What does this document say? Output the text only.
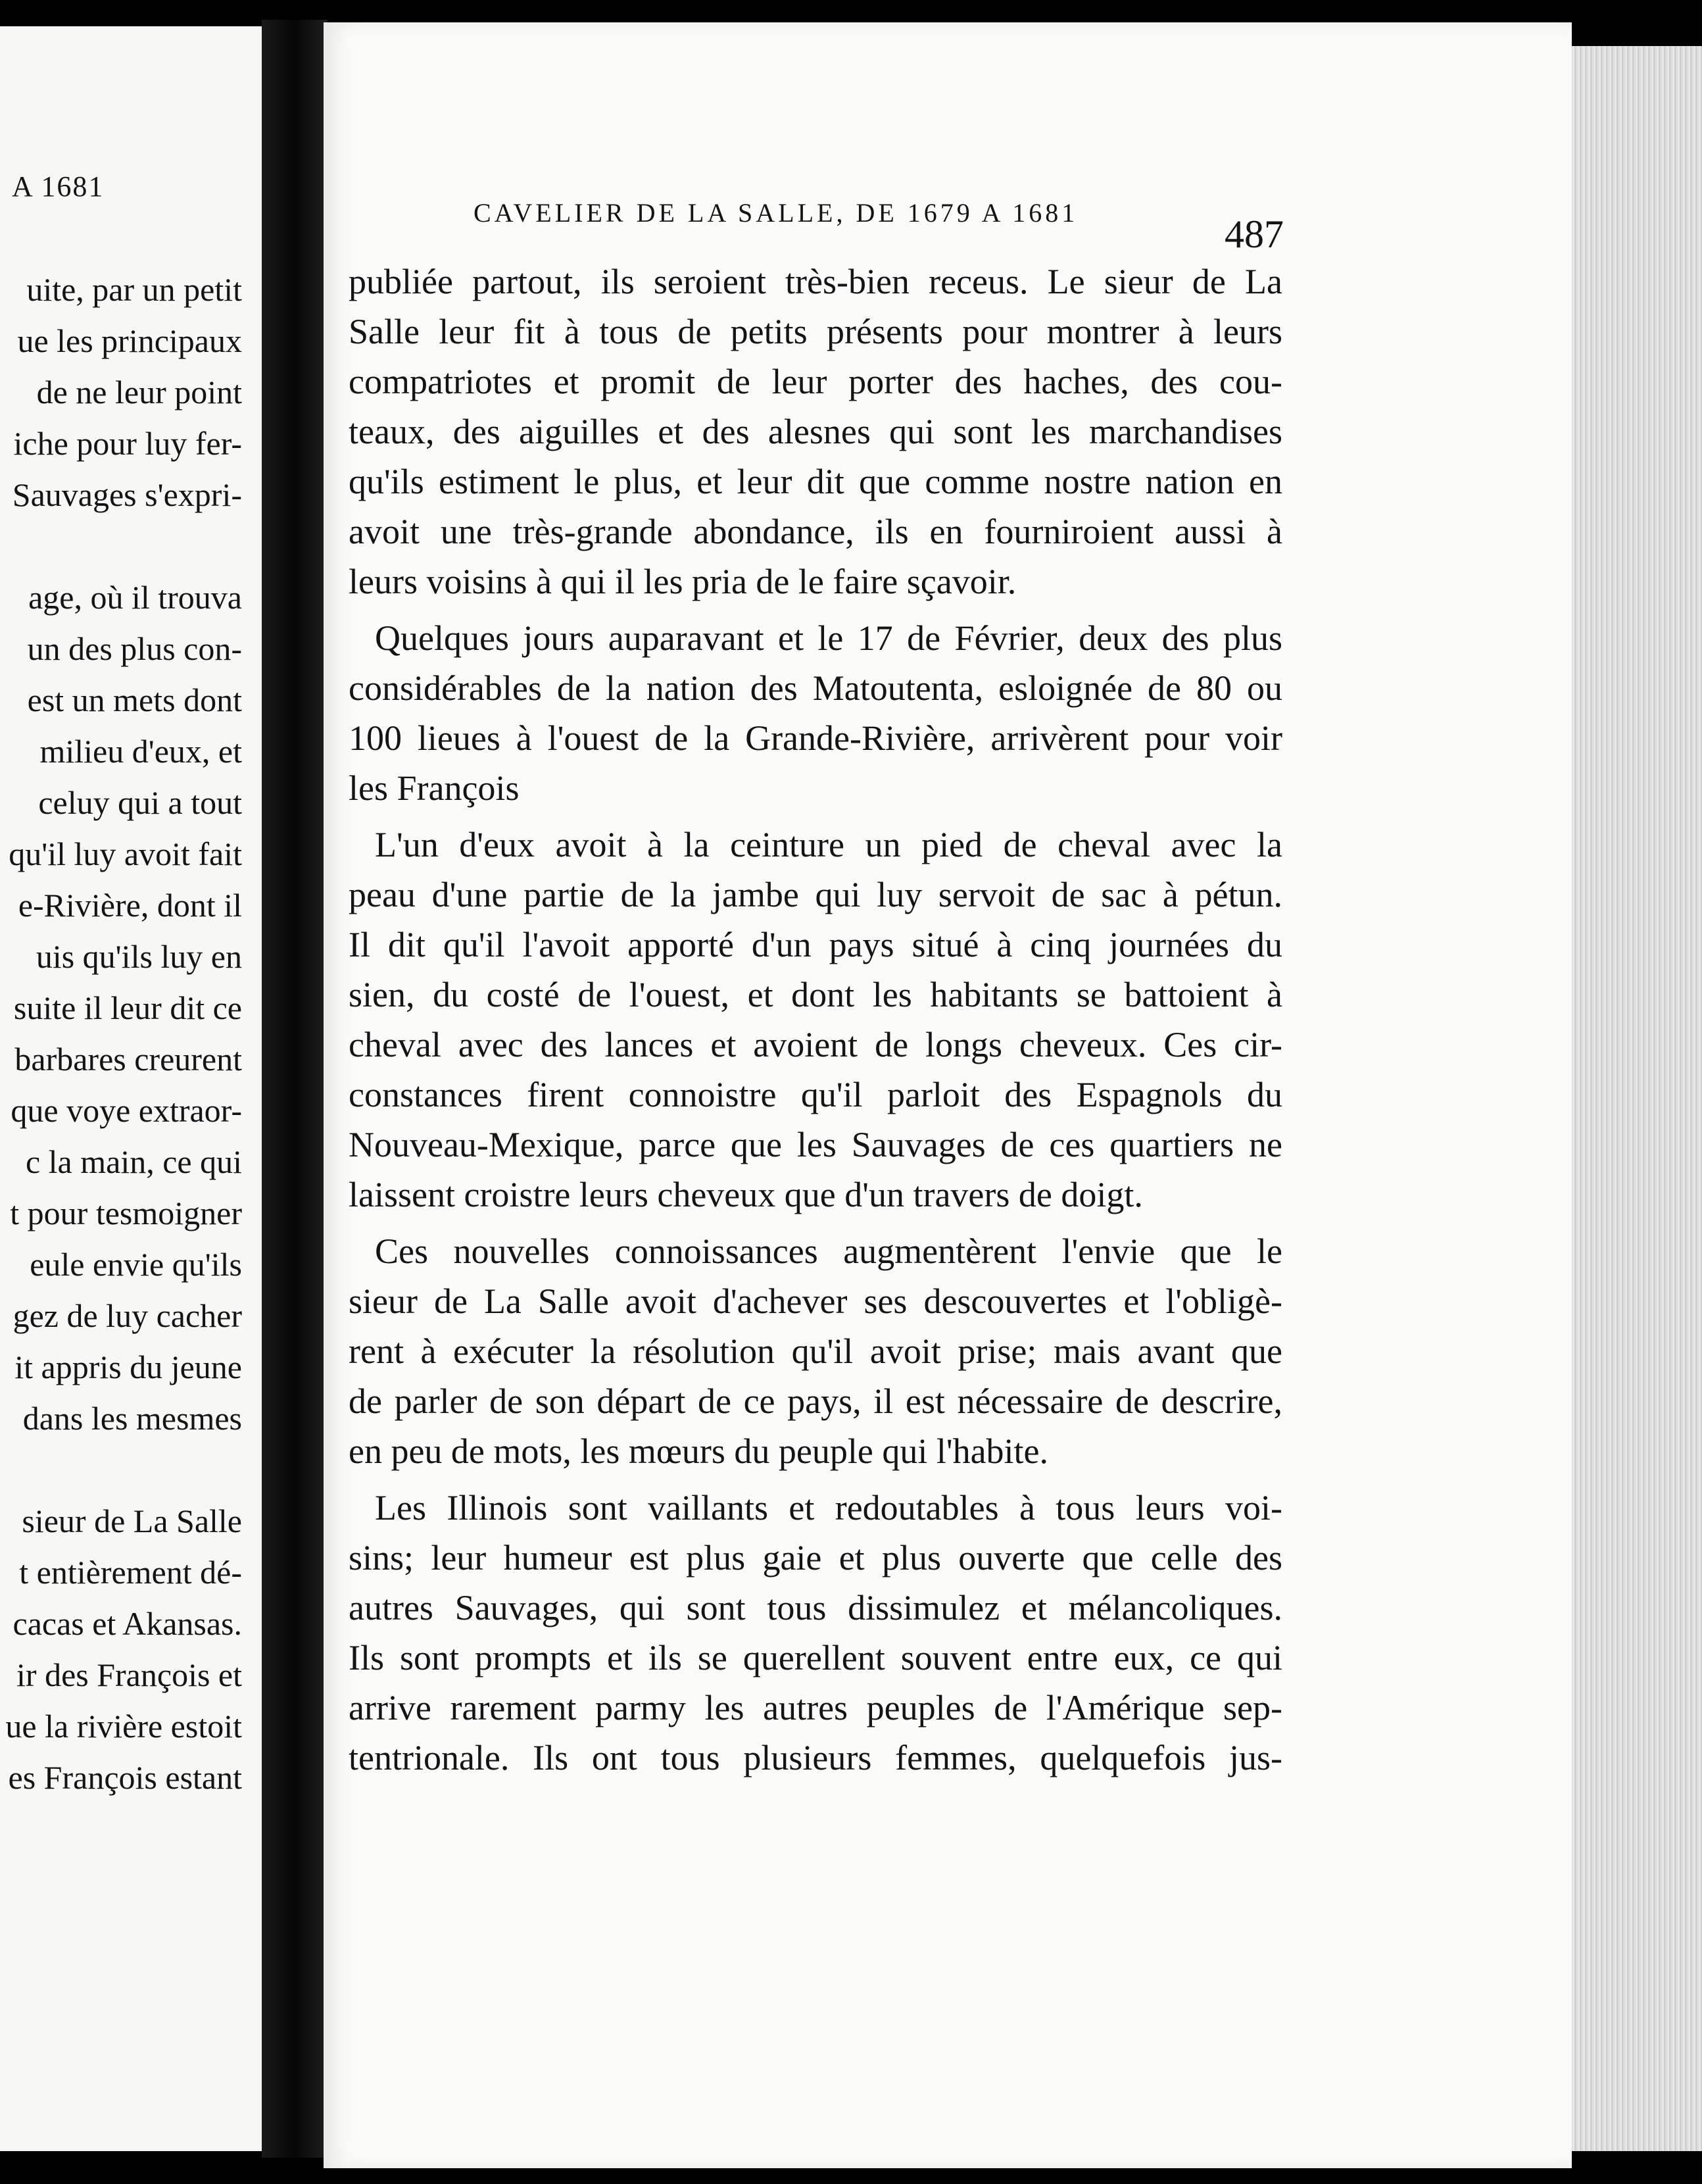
A 1681
uite, par un petit
ue les principaux
de ne leur point
iche pour luy fer-
Sauvages s'expri-
age, où il trouva
un des plus con-
est un mets dont
milieu d'eux, et
celuy qui a tout
qu'il luy avoit fait
e-Rivière, dont il
uis qu'ils luy en
suite il leur dit ce
barbares creurent
que voye extraor-
c la main, ce qui
t pour tesmoigner
eule envie qu'ils
gez de luy cacher
it appris du jeune
dans les mesmes
sieur de La Salle
t entièrement dé-
cacas et Akansas.
ir des François et
ue la rivière estoit
es François estant
CAVELIER DE LA SALLE, DE 1679 A 1681	487
publiée partout, ils seroient très-bien receus. Le sieur de La
Salle leur fit à tous de petits présents pour montrer à leurs
compatriotes et promit de leur porter des haches, des cou-
teaux, des aiguilles et des alesnes qui sont les marchandises
qu'ils estiment le plus, et leur dit que comme nostre nation en
avoit une très-grande abondance, ils en fourniroient aussi à
leurs voisins à qui il les pria de le faire sçavoir.
Quelques jours auparavant et le 17 de Février, deux des plus
considérables de la nation des Matoutenta, esloignée de 80 ou
100 lieues à l'ouest de la Grande-Rivière, arrivèrent pour voir
les François
L'un d'eux avoit à la ceinture un pied de cheval avec la
peau d'une partie de la jambe qui luy servoit de sac à pétun.
Il dit qu'il l'avoit apporté d'un pays situé à cinq journées du
sien, du costé de l'ouest, et dont les habitants se battoient à
cheval avec des lances et avoient de longs cheveux. Ces cir-
constances firent connoistre qu'il parloit des Espagnols du
Nouveau-Mexique, parce que les Sauvages de ces quartiers ne
laissent croistre leurs cheveux que d'un travers de doigt.
Ces nouvelles connoissances augmentèrent l'envie que le
sieur de La Salle avoit d'achever ses descouvertes et l'obligè-
rent à exécuter la résolution qu'il avoit prise; mais avant que
de parler de son départ de ce pays, il est nécessaire de descrire,
en peu de mots, les mœurs du peuple qui l'habite.
Les Illinois sont vaillants et redoutables à tous leurs voi-
sins; leur humeur est plus gaie et plus ouverte que celle des
autres Sauvages, qui sont tous dissimulez et mélancoliques.
Ils sont prompts et ils se querellent souvent entre eux, ce qui
arrive rarement parmy les autres peuples de l'Amérique sep-
tentrionale. Ils ont tous plusieurs femmes, quelquefois jus-
